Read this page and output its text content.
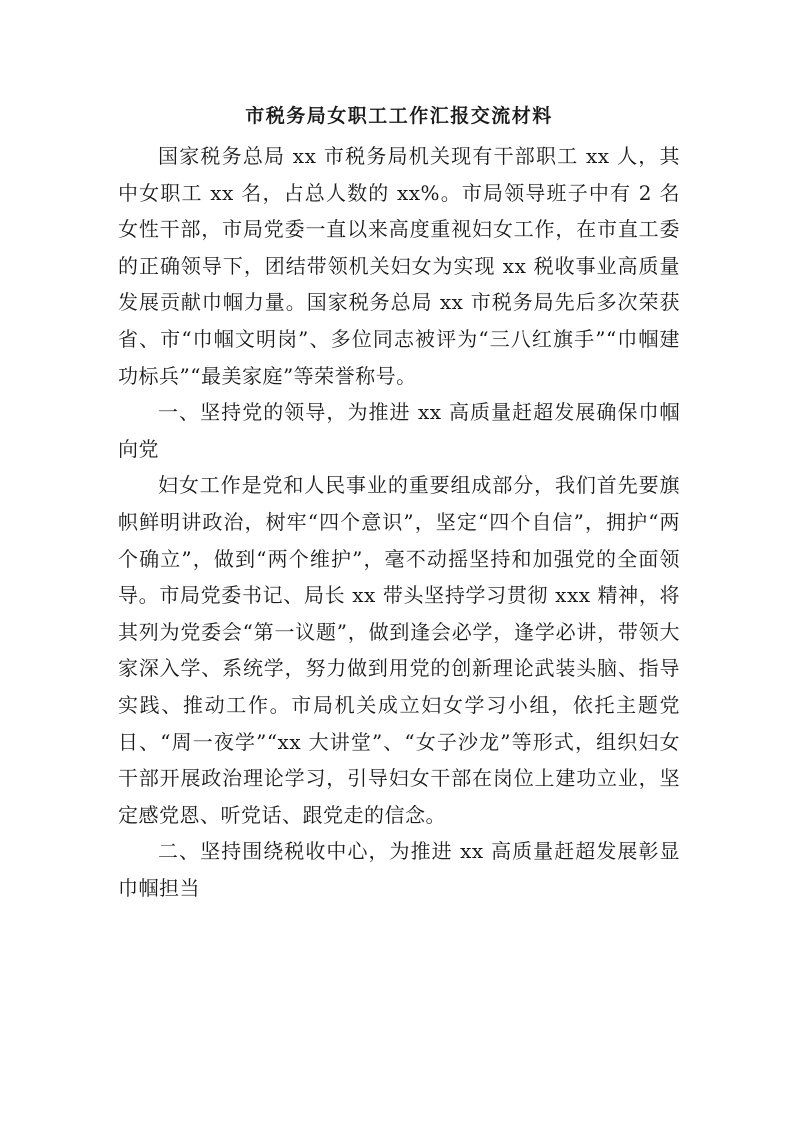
市税务局女职工工作汇报交流材料

国家税务总局 xx 市税务局机关现有干部职工 xx 人，其中女职工 xx 名，占总人数的 xx%。市局领导班子中有 2 名女性干部，市局党委一直以来高度重视妇女工作，在市直工委的正确领导下，团结带领机关妇女为实现 xx 税收事业高质量发展贡献巾帼力量。国家税务总局 xx 市税务局先后多次荣获省、市“巾帼文明岗”、多位同志被评为“三八红旗手”“巾帼建功标兵”“最美家庭”等荣誉称号。

一、坚持党的领导，为推进 xx 高质量赶超发展确保巾帼向党

妇女工作是党和人民事业的重要组成部分，我们首先要旗帜鲜明讲政治，树牢“四个意识”，坚定“四个自信”，拥护“两个确立”，做到“两个维护”，毫不动摇坚持和加强党的全面领导。市局党委书记、局长 xx 带头坚持学习贯彻 xxx 精神，将其列为党委会“第一议题”，做到逢会必学，逢学必讲，带领大家深入学、系统学，努力做到用党的创新理论武装头脑、指导实践、推动工作。市局机关成立妇女学习小组，依托主题党日、“周一夜学”“xx 大讲堂”、“女子沙龙”等形式，组织妇女干部开展政治理论学习，引导妇女干部在岗位上建功立业，坚定感党恩、听党话、跟党走的信念。

二、坚持围绕税收中心，为推进 xx 高质量赶超发展彰显巾帼担当
